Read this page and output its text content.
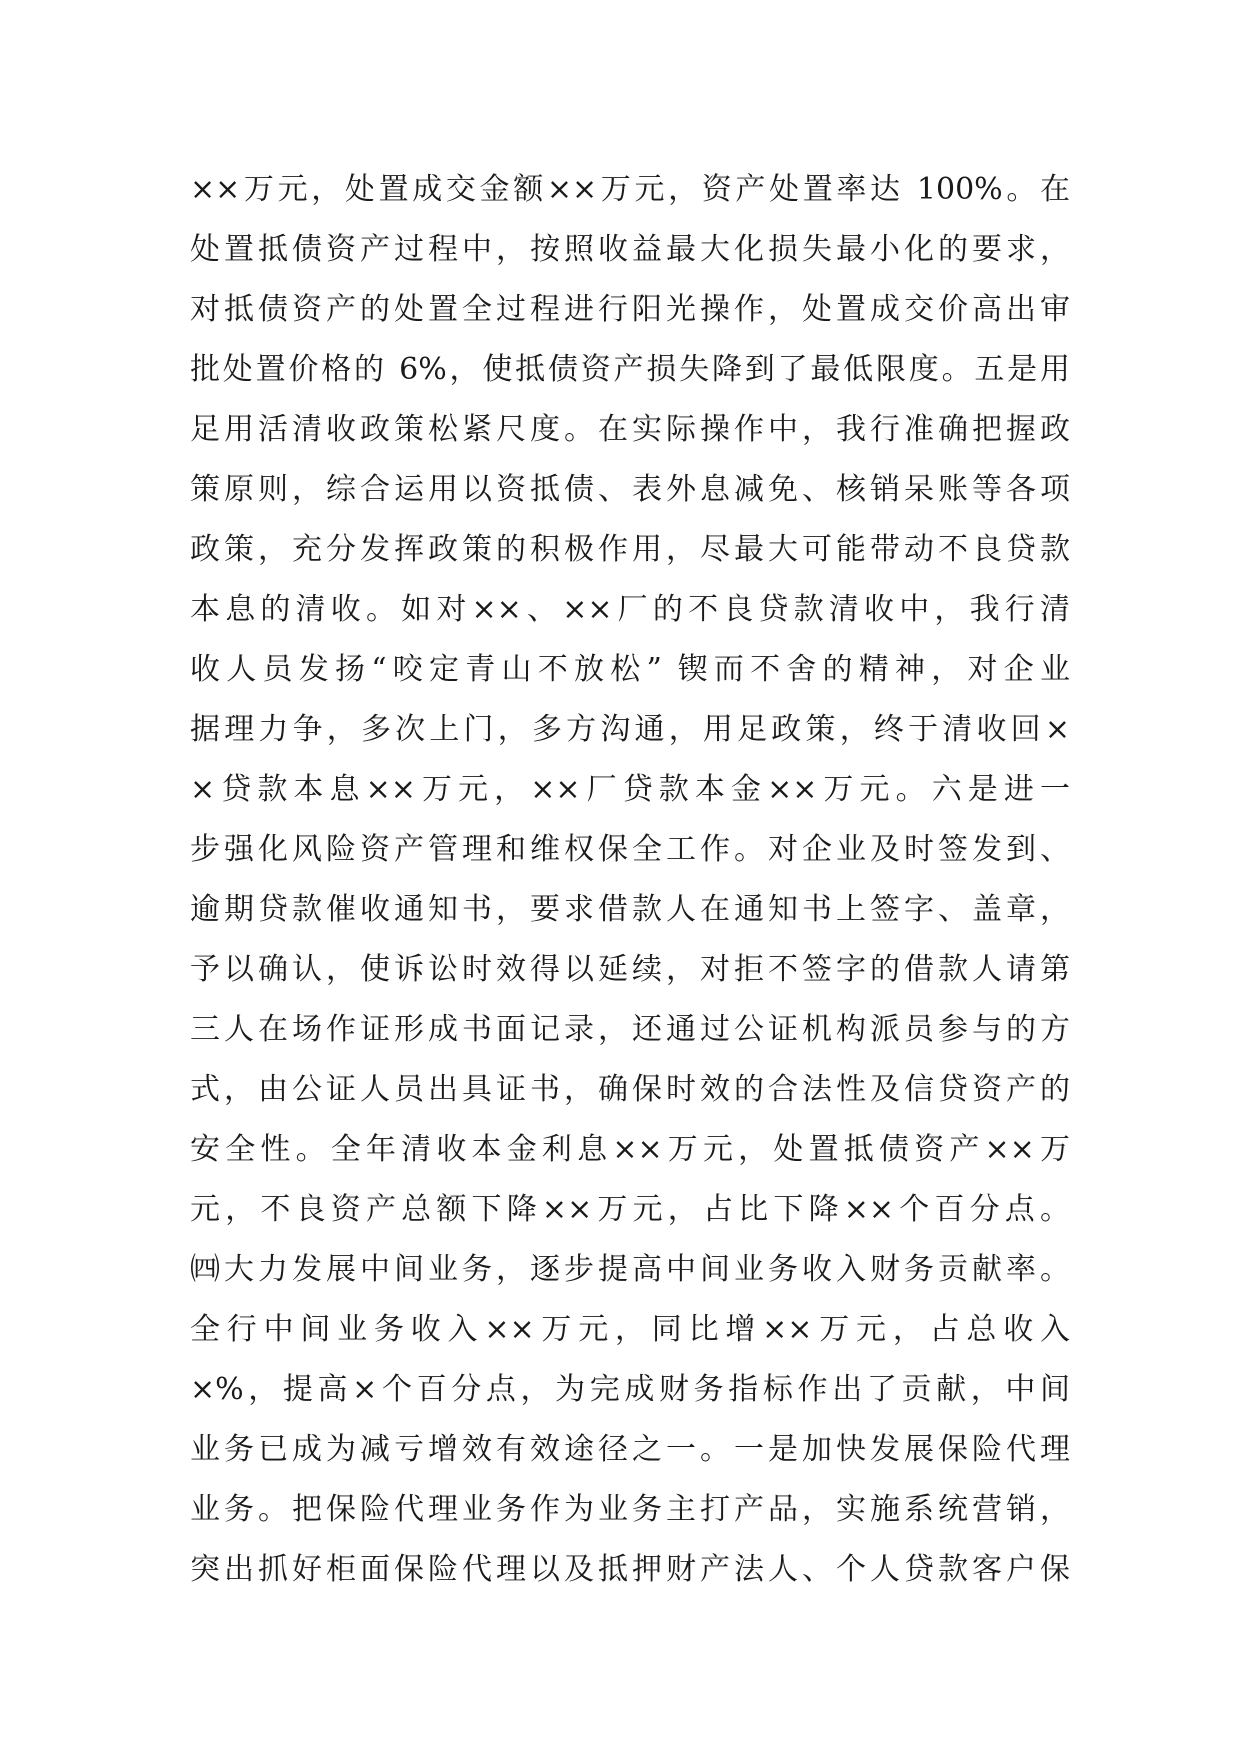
××万元，处置成交金额××万元，资产处置率达 100%。在
处置抵债资产过程中，按照收益最大化损失最小化的要求，
对抵债资产的处置全过程进行阳光操作，处置成交价高出审
批处置价格的 6%，使抵债资产损失降到了最低限度。五是用
足用活清收政策松紧尺度。在实际操作中，我行准确把握政
策原则，综合运用以资抵债、表外息减免、核销呆账等各项
政策，充分发挥政策的积极作用，尽最大可能带动不良贷款
本息的清收。如对××、××厂的不良贷款清收中，我行清
收人员发扬“咬定青山不放松” 锲而不舍的精神，对企业
据理力争，多次上门，多方沟通，用足政策，终于清收回×
×贷款本息××万元，××厂贷款本金××万元。六是进一
步强化风险资产管理和维权保全工作。对企业及时签发到、
逾期贷款催收通知书，要求借款人在通知书上签字、盖章，
予以确认，使诉讼时效得以延续，对拒不签字的借款人请第
三人在场作证形成书面记录，还通过公证机构派员参与的方
式，由公证人员出具证书，确保时效的合法性及信贷资产的
安全性。全年清收本金利息××万元，处置抵债资产××万
元，不良资产总额下降××万元，占比下降××个百分点。
㈣大力发展中间业务，逐步提高中间业务收入财务贡献率。
全行中间业务收入××万元，同比增××万元，占总收入
×%，提高×个百分点，为完成财务指标作出了贡献，中间
业务已成为减亏增效有效途径之一。一是加快发展保险代理
业务。把保险代理业务作为业务主打产品，实施系统营销，
突出抓好柜面保险代理以及抵押财产法人、个人贷款客户保
